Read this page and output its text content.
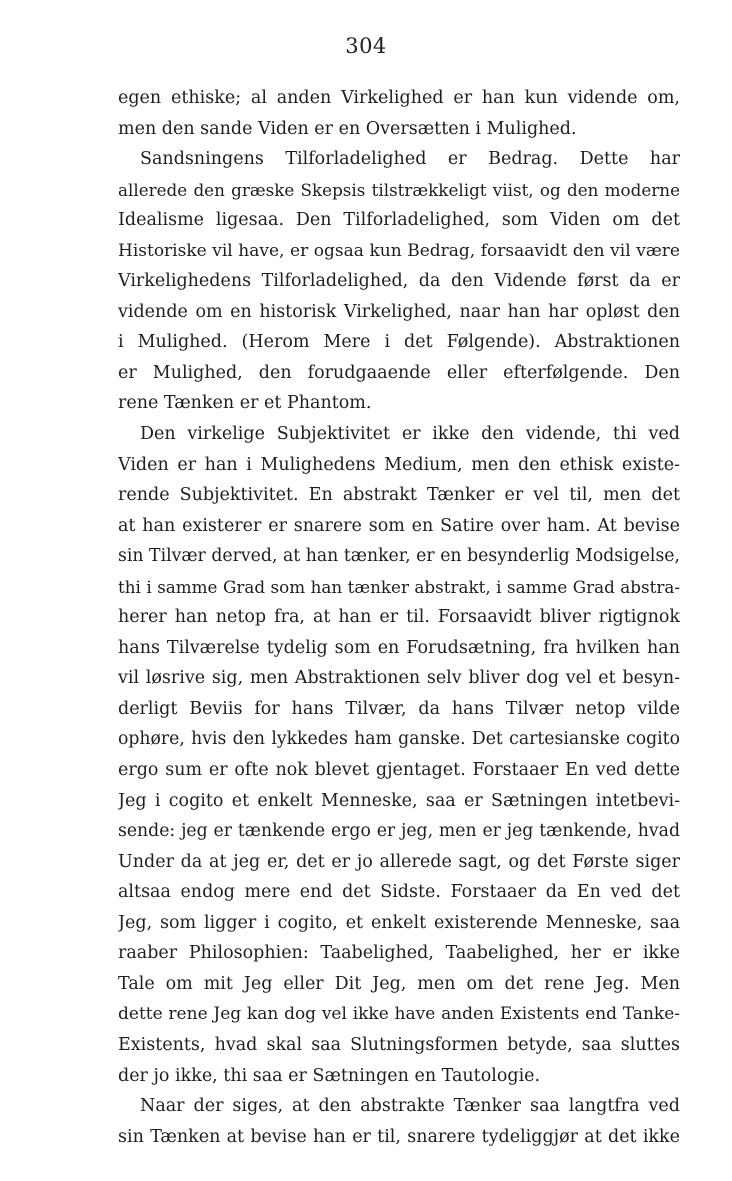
304
egen ethiske; al anden Virkelighed er han kun vidende om,
men den sande Viden er en Oversætten i Mulighed.
Sandsningens Tilforladelighed er Bedrag. Dette har
allerede den græske Skepsis tilstrækkeligt viist, og den moderne
Idealisme ligesaa. Den Tilforladelighed, som Viden om det
Historiske vil have, er ogsaa kun Bedrag, forsaavidt den vil være
Virkelighedens Tilforladelighed, da den Vidende først da er
vidende om en historisk Virkelighed, naar han har opløst den
i Mulighed. (Herom Mere i det Følgende). Abstraktionen
er Mulighed, den forudgaaende eller efterfølgende. Den
rene Tænken er et Phantom.
Den virkelige Subjektivitet er ikke den vidende, thi ved
Viden er han i Mulighedens Medium, men den ethisk existe-
rende Subjektivitet. En abstrakt Tænker er vel til, men det
at han existerer er snarere som en Satire over ham. At bevise
sin Tilvær derved, at han tænker, er en besynderlig Modsigelse,
thi i samme Grad som han tænker abstrakt, i samme Grad abstra-
herer han netop fra, at han er til. Forsaavidt bliver rigtignok
hans Tilværelse tydelig som en Forudsætning, fra hvilken han
vil løsrive sig, men Abstraktionen selv bliver dog vel et besyn-
derligt Beviis for hans Tilvær, da hans Tilvær netop vilde
ophøre, hvis den lykkedes ham ganske. Det cartesianske cogito
ergo sum er ofte nok blevet gjentaget. Forstaaer En ved dette
Jeg i cogito et enkelt Menneske, saa er Sætningen intetbevi-
sende: jeg er tænkende ergo er jeg, men er jeg tænkende, hvad
Under da at jeg er, det er jo allerede sagt, og det Første siger
altsaa endog mere end det Sidste. Forstaaer da En ved det
Jeg, som ligger i cogito, et enkelt existerende Menneske, saa
raaber Philosophien: Taabelighed, Taabelighed, her er ikke
Tale om mit Jeg eller Dit Jeg, men om det rene Jeg. Men
dette rene Jeg kan dog vel ikke have anden Existents end Tanke-
Existents, hvad skal saa Slutningsformen betyde, saa sluttes
der jo ikke, thi saa er Sætningen en Tautologie.
Naar der siges, at den abstrakte Tænker saa langtfra ved
sin Tænken at bevise han er til, snarere tydeliggjør at det ikke
